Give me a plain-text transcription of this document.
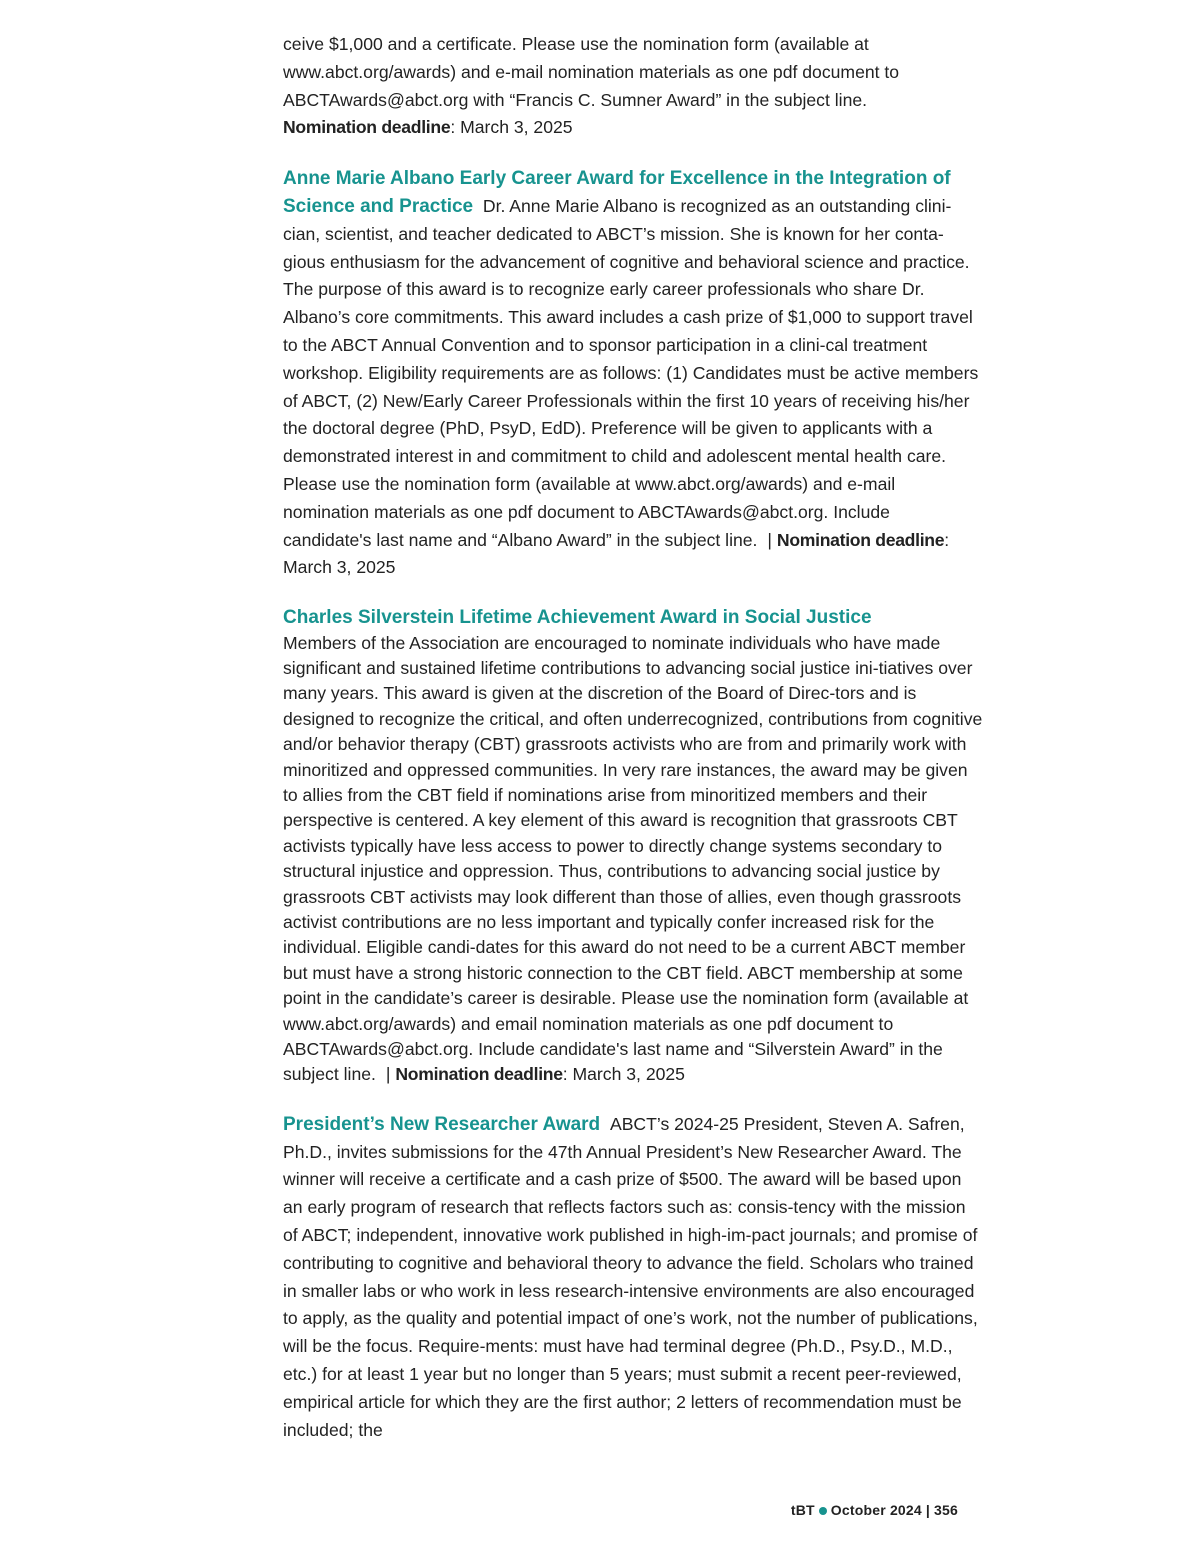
ceive $1,000 and a certificate. Please use the nomination form (available at www.abct.org/awards) and e-mail nomination materials as one pdf document to ABCTAwards@abct.org with “Francis C. Sumner Award” in the subject line.
Nomination deadline: March 3, 2025

Anne Marie Albano Early Career Award for Excellence in the Integration of Science and Practice Dr. Anne Marie Albano is recognized as an outstanding clini-cian, scientist, and teacher dedicated to ABCT’s mission. She is known for her conta-gious enthusiasm for the advancement of cognitive and behavioral science and practice. The purpose of this award is to recognize early career professionals who share Dr. Albano’s core commitments. This award includes a cash prize of $1,000 to support travel to the ABCT Annual Convention and to sponsor participation in a clini-cal treatment workshop. Eligibility requirements are as follows: (1) Candidates must be active members of ABCT, (2) New/Early Career Professionals within the first 10 years of receiving his/her the doctoral degree (PhD, PsyD, EdD). Preference will be given to applicants with a demonstrated interest in and commitment to child and adolescent mental health care. Please use the nomination form (available at www.abct.org/awards) and e-mail nomination materials as one pdf document to ABCTAwards@abct.org. Include candidate's last name and “Albano Award” in the subject line. | Nomination deadline: March 3, 2025

Charles Silverstein Lifetime Achievement Award in Social Justice
Members of the Association are encouraged to nominate individuals who have made significant and sustained lifetime contributions to advancing social justice ini-tiatives over many years. This award is given at the discretion of the Board of Direc-tors and is designed to recognize the critical, and often underrecognized, contributions from cognitive and/or behavior therapy (CBT) grassroots activists who are from and primarily work with minoritized and oppressed communities. In very rare instances, the award may be given to allies from the CBT field if nominations arise from minoritized members and their perspective is centered. A key element of this award is recognition that grassroots CBT activists typically have less access to power to directly change systems secondary to structural injustice and oppression. Thus, contributions to advancing social justice by grassroots CBT activists may look different than those of allies, even though grassroots activist contributions are no less important and typically confer increased risk for the individual. Eligible candi-dates for this award do not need to be a current ABCT member but must have a strong historic connection to the CBT field. ABCT membership at some point in the candidate’s career is desirable. Please use the nomination form (available at www.abct.org/awards) and email nomination materials as one pdf document to ABCTAwards@abct.org. Include candidate's last name and “Silverstein Award” in the subject line. | Nomination deadline: March 3, 2025

President’s New Researcher Award ABCT’s 2024-25 President, Steven A. Safren, Ph.D., invites submissions for the 47th Annual President’s New Researcher Award. The winner will receive a certificate and a cash prize of $500. The award will be based upon an early program of research that reflects factors such as: consis-tency with the mission of ABCT; independent, innovative work published in high-im-pact journals; and promise of contributing to cognitive and behavioral theory to advance the field. Scholars who trained in smaller labs or who work in less research-intensive environments are also encouraged to apply, as the quality and potential impact of one’s work, not the number of publications, will be the focus. Require-ments: must have had terminal degree (Ph.D., Psy.D., M.D., etc.) for at least 1 year but no longer than 5 years; must submit a recent peer-reviewed, empirical article for which they are the first author; 2 letters of recommendation must be included; the

tBT October 2024 | 356
